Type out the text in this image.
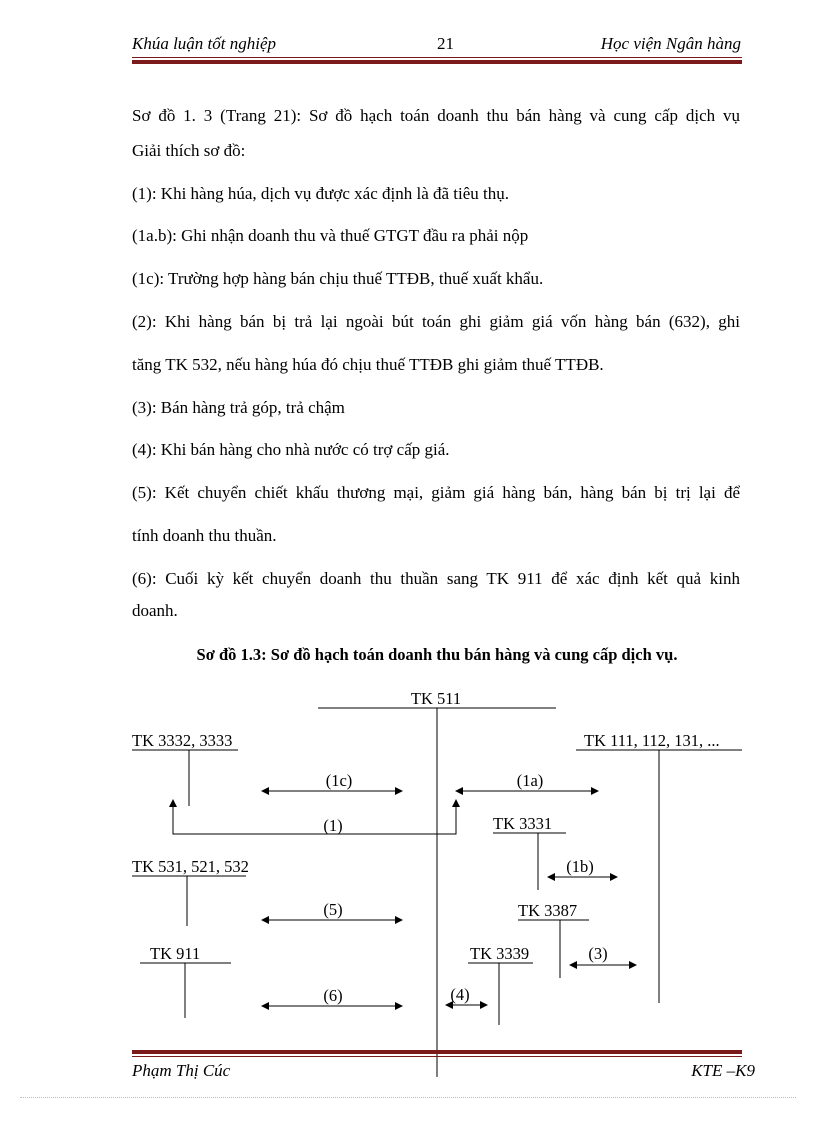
Khúa luận tốt nghiệp	21	Học viện Ngân hàng
Sơ đồ 1. 3 (Trang 21): Sơ đồ hạch toán doanh thu bán hàng và cung cấp dịch vụ
Giải thích sơ đồ:
(1): Khi hàng húa, dịch vụ được xác định là đã tiêu thụ.
(1a.b): Ghi nhận doanh thu và thuế GTGT đầu ra phải nộp
(1c): Trường hợp hàng bán chịu thuế TTĐB, thuế xuất khẩu.
(2): Khi hàng bán bị trả lại ngoài bút toán ghi giảm giá vốn hàng bán (632), ghi
tăng TK 532, nếu hàng húa đó chịu thuế TTĐB ghi giảm thuế TTĐB.
(3): Bán hàng trả góp, trả chậm
(4): Khi bán hàng cho nhà nước có trợ cấp giá.
(5): Kết chuyển chiết khấu thương mại, giảm giá hàng bán, hàng bán bị trị lại để
tính doanh thu thuần.
(6): Cuối kỳ kết chuyển doanh thu thuần sang TK 911 để xác định kết quả kinh
doanh.
Sơ đồ 1.3: Sơ đồ hạch toán doanh thu bán hàng và cung cấp dịch vụ.
TK 511
TK 3332, 3333	TK 111, 112, 131, ...
(1c)	(1a)
(1)	TK 3331
(1b)
TK 531, 521, 532
(5)	TK 3387
TK 911	TK 3339	(3)
(6)	(4)
Phạm Thị Cúc	KTE –K9
